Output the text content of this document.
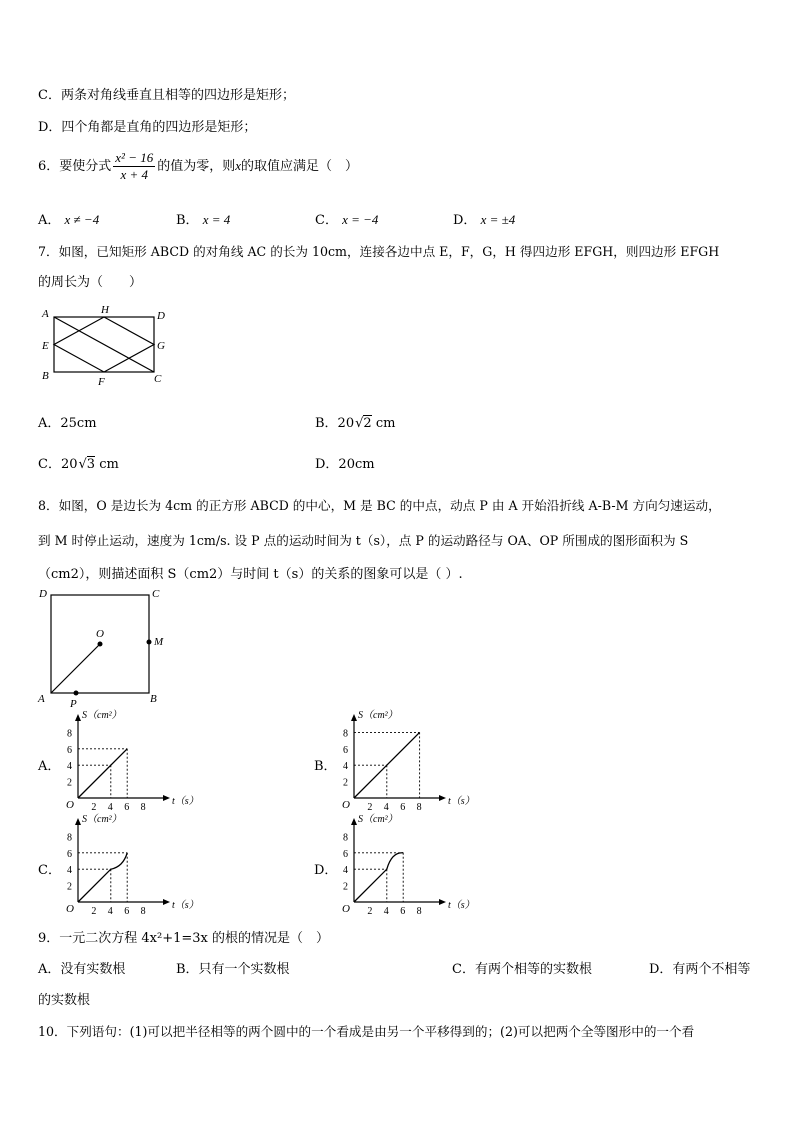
C．两条对角线垂直且相等的四边形是矩形；
D．四个角都是直角的四边形是矩形；
6．要使分式 $\frac{\text{x² − 16}}{x + 4}$ 的值为零，则x的取值应满足（　）
A． x ≠ −4	B． x = 4	C． x = −4	D． x = ±4
7．如图，已知矩形 ABCD 的对角线 AC 的长为 10cm，连接各边中点 E，F，G，H 得四边形 EFGH，则四边形 EFGH
的周长为（　　）
A	H	D
E	G
B	F	C
A．25cm	B．20√2 cm
C．20√3 cm	D．20cm
8．如图，O 是边长为 4cm 的正方形 ABCD 的中心，M 是 BC 的中点，动点 P 由 A 开始沿折线 A-B-M 方向匀速运动，
到 M 时停止运动，速度为 1cm/s. 设 P 点的运动时间为 t（s），点 P 的运动路径与 OA、OP 所围成的图形面积为 S
（cm2），则描述面积 S（cm2）与时间 t（s）的关系的图象可以是（ ）.
D	C
O
M
A P	B
A．	B．
C．	D．
S（cm²）
t（s）
O
8
6
4
2
2 4 6 8
S（cm²）
t（s）
O
8
6
4
2
2 4 6 8
S（cm²）
t（s）
O
8
6
4
2
2 4 6 8
S（cm²）
t（s）
O
8
6
4
2
2 4 6 8
9．一元二次方程 4x²+1=3x 的根的情况是（　）
A．没有实数根	B．只有一个实数根	C．有两个相等的实数根	D．有两个不相等
的实数根
10．下列语句：(1)可以把半径相等的两个圆中的一个看成是由另一个平移得到的；(2)可以把两个全等图形中的一个看
